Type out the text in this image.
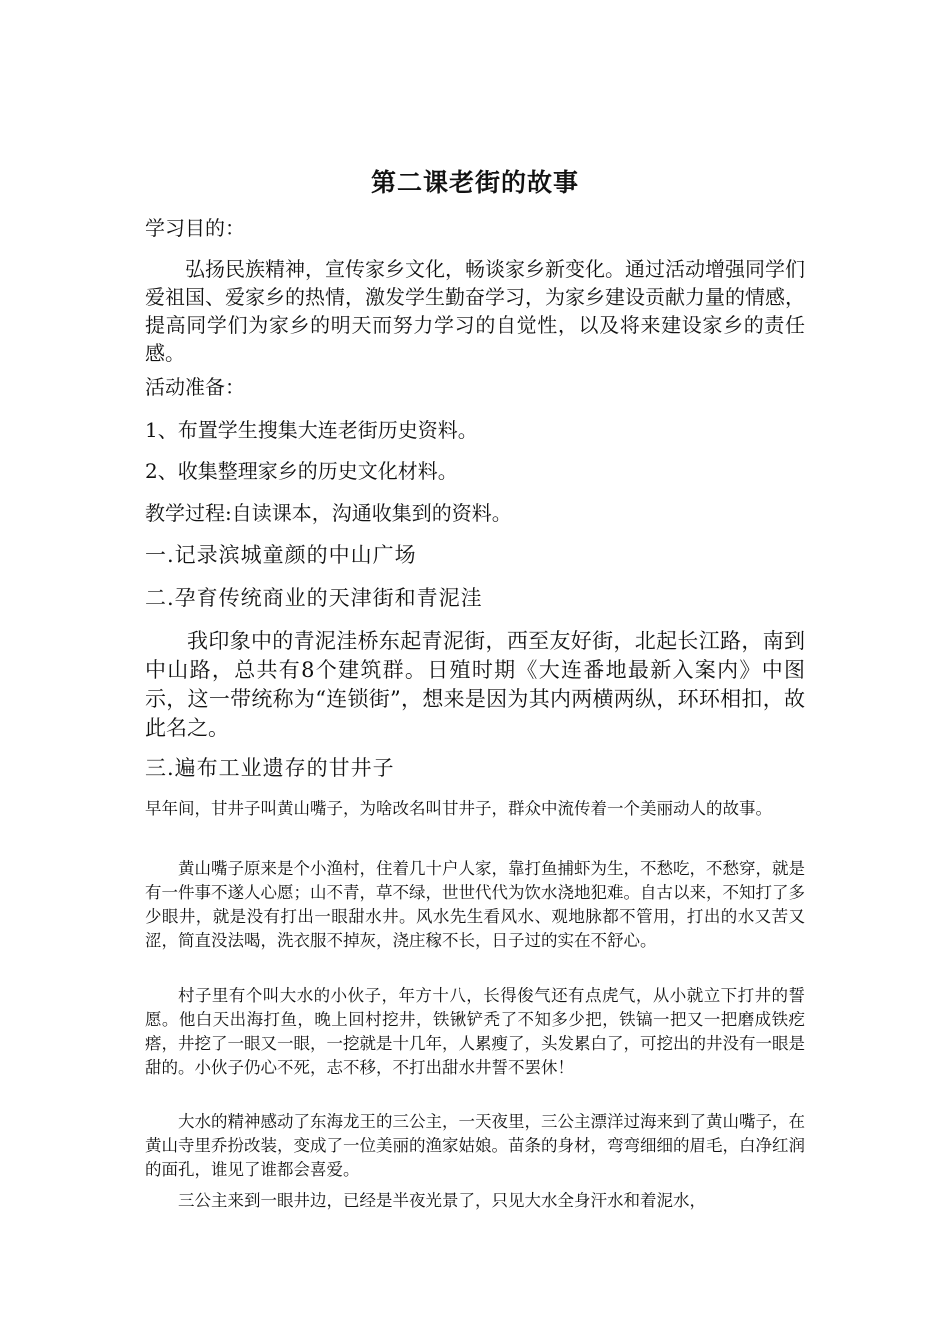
第二课老街的故事
学习目的：
弘扬民族精神，宣传家乡文化，畅谈家乡新变化。通过活动增强同学们爱祖国、爱家乡的热情，激发学生勤奋学习，为家乡建设贡献力量的情感，提高同学们为家乡的明天而努力学习的自觉性，以及将来建设家乡的责任感。
活动准备：
1、布置学生搜集大连老街历史资料。
2、收集整理家乡的历史文化材料。
教学过程:自读课本，沟通收集到的资料。
一.记录滨城童颜的中山广场
二.孕育传统商业的天津街和青泥洼
我印象中的青泥洼桥东起青泥街，西至友好街，北起长江路，南到中山路，总共有8个建筑群。日殖时期《大连番地最新入案内》中图示，这一带统称为“连锁街”，想来是因为其内两横两纵，环环相扣，故此名之。
三.遍布工业遗存的甘井子
早年间，甘井子叫黄山嘴子，为啥改名叫甘井子，群众中流传着一个美丽动人的故事。
黄山嘴子原来是个小渔村，住着几十户人家，靠打鱼捕虾为生，不愁吃，不愁穿，就是有一件事不遂人心愿；山不青，草不绿，世世代代为饮水浇地犯难。自古以来，不知打了多少眼井，就是没有打出一眼甜水井。风水先生看风水、观地脉都不管用，打出的水又苦又涩，简直没法喝，洗衣服不掉灰，浇庄稼不长，日子过的实在不舒心。
村子里有个叫大水的小伙子，年方十八，长得俊气还有点虎气，从小就立下打井的誓愿。他白天出海打鱼，晚上回村挖井，铁锹铲秃了不知多少把，铁镐一把又一把磨成铁疙瘩，井挖了一眼又一眼，一挖就是十几年，人累瘦了，头发累白了，可挖出的井没有一眼是甜的。小伙子仍心不死，志不移，不打出甜水井誓不罢休！
大水的精神感动了东海龙王的三公主，一天夜里，三公主漂洋过海来到了黄山嘴子，在黄山寺里乔扮改装，变成了一位美丽的渔家姑娘。苗条的身材，弯弯细细的眉毛，白净红润的面孔，谁见了谁都会喜爱。
三公主来到一眼井边，已经是半夜光景了，只见大水全身汗水和着泥水，
